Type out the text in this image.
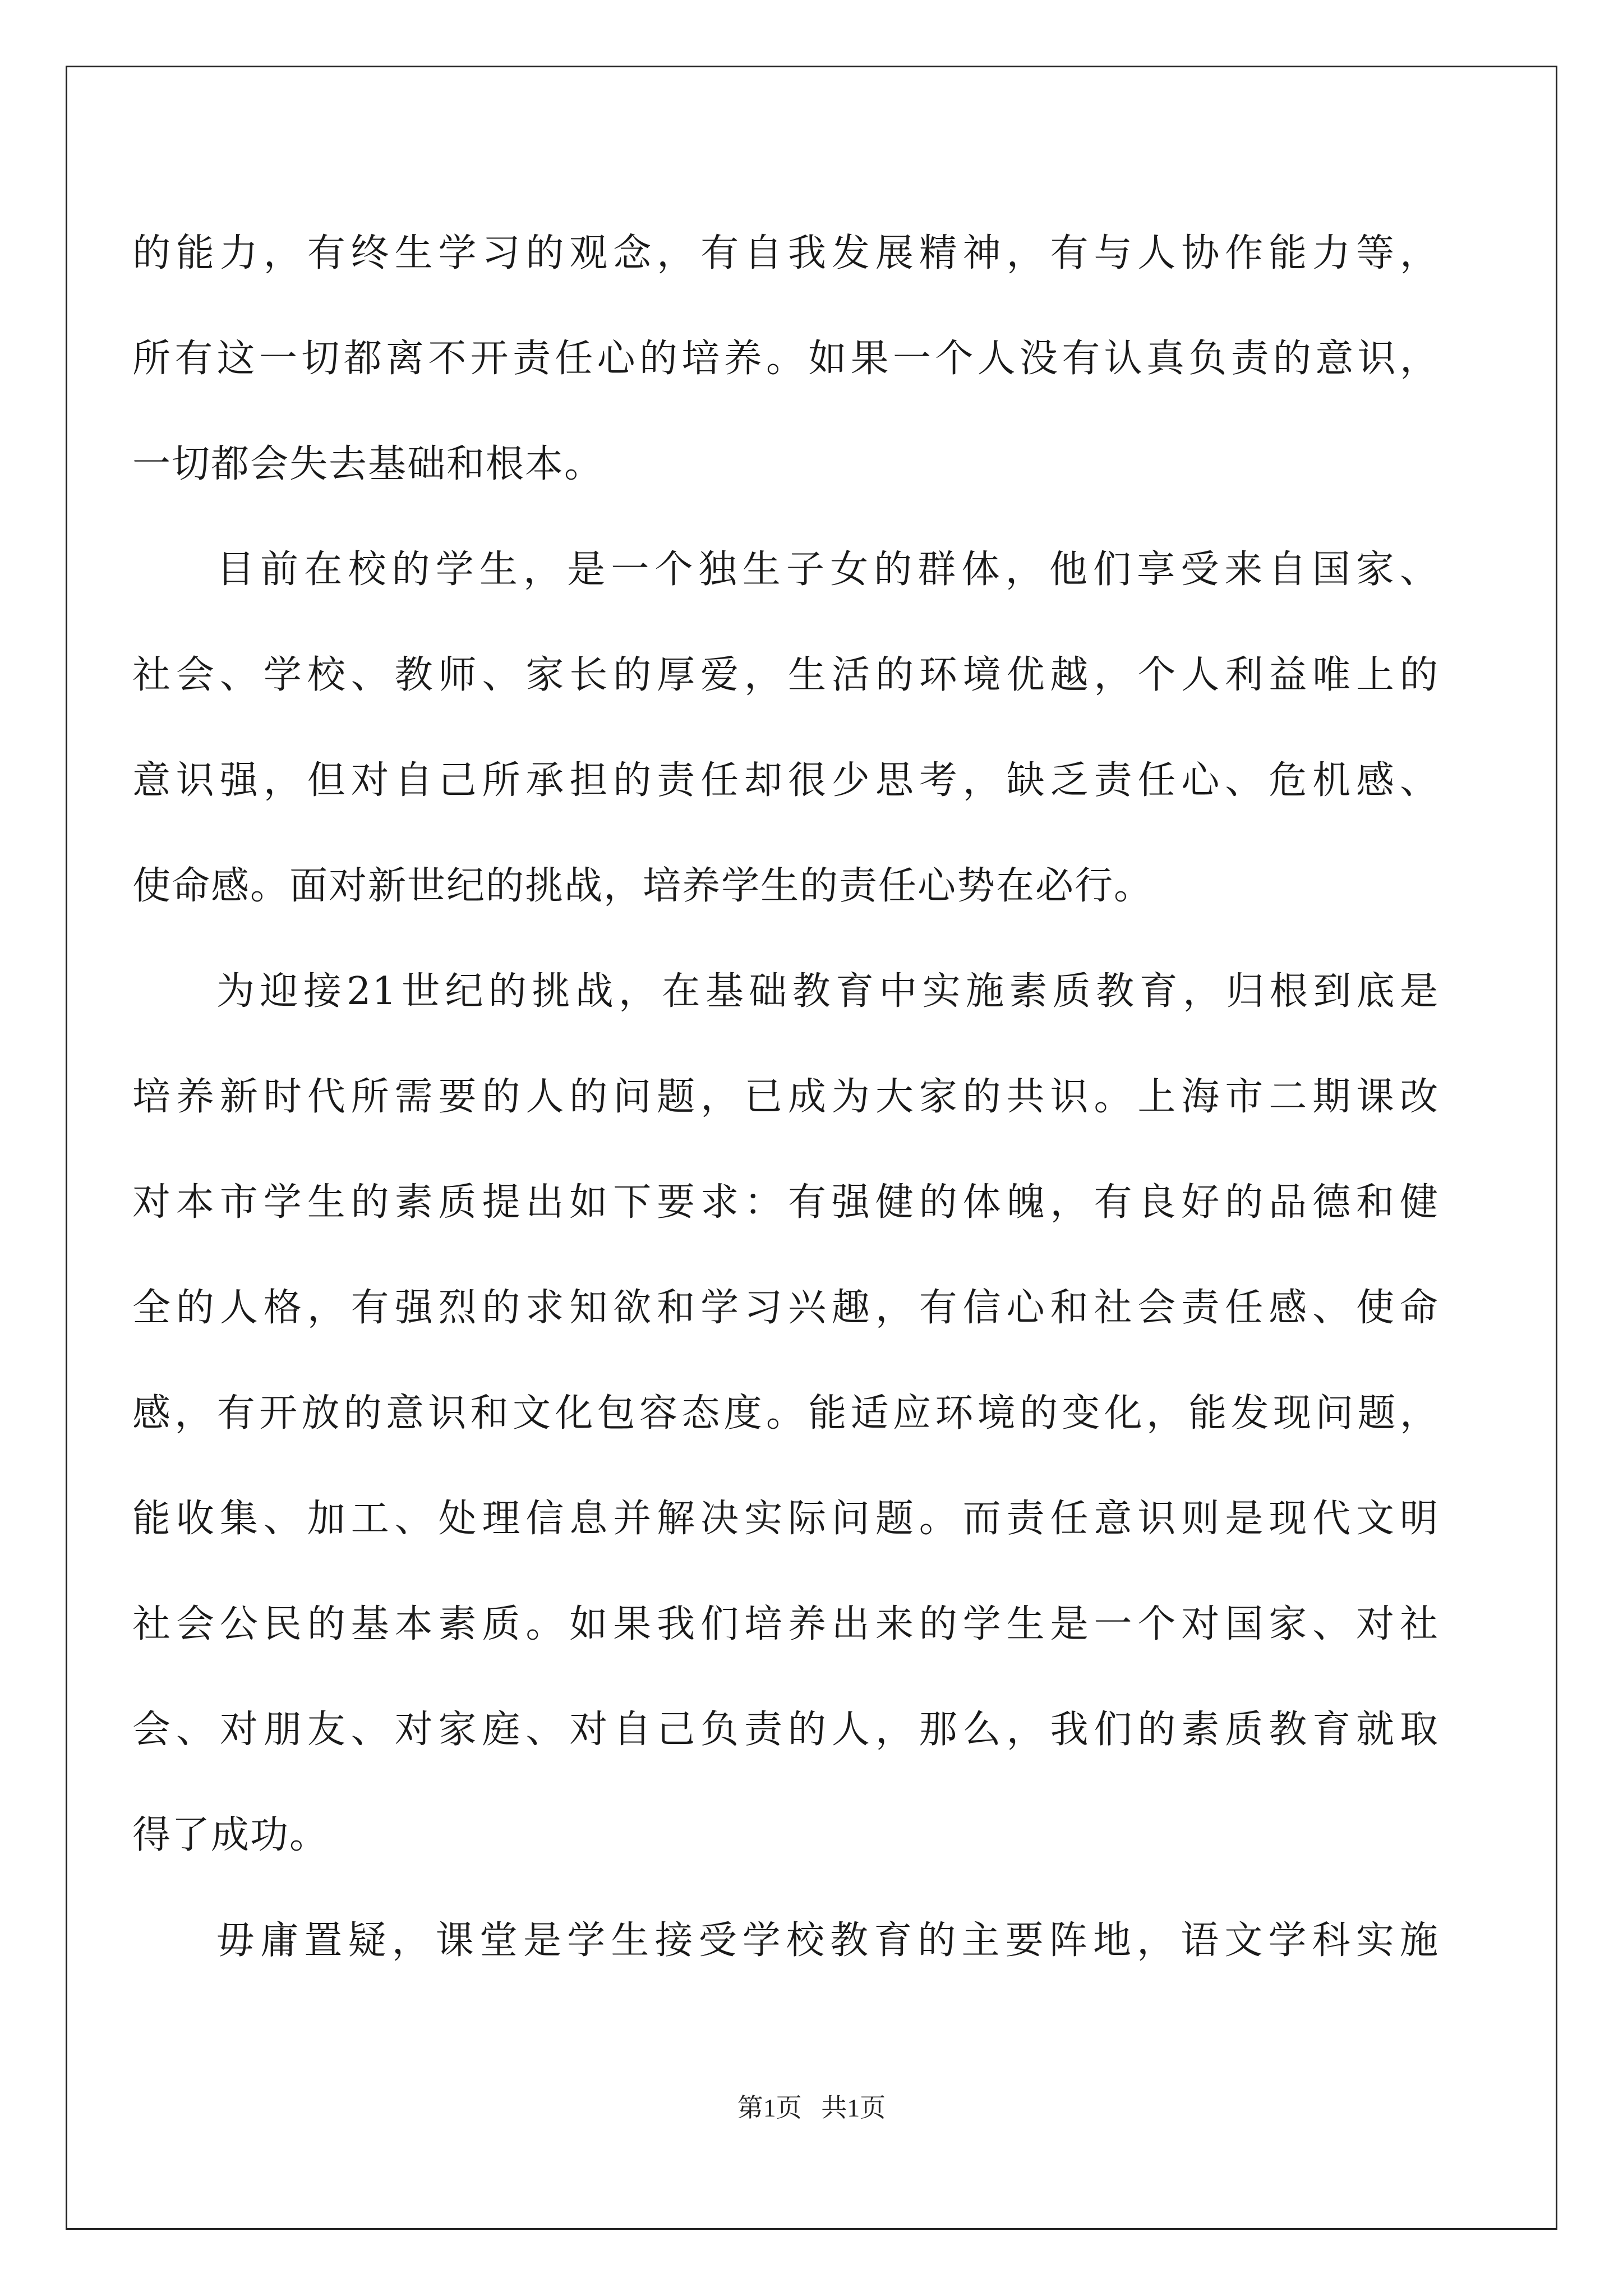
的能力，有终生学习的观念，有自我发展精神，有与人协作能力等，
所有这一切都离不开责任心的培养。如果一个人没有认真负责的意识，
一切都会失去基础和根本。
目前在校的学生，是一个独生子女的群体，他们享受来自国家、
社会、学校、教师、家长的厚爱，生活的环境优越，个人利益唯上的
意识强，但对自己所承担的责任却很少思考，缺乏责任心、危机感、
使命感。面对新世纪的挑战，培养学生的责任心势在必行。
为迎接21世纪的挑战，在基础教育中实施素质教育，归根到底是
培养新时代所需要的人的问题，已成为大家的共识。上海市二期课改
对本市学生的素质提出如下要求：有强健的体魄，有良好的品德和健
全的人格，有强烈的求知欲和学习兴趣，有信心和社会责任感、使命
感，有开放的意识和文化包容态度。能适应环境的变化，能发现问题，
能收集、加工、处理信息并解决实际问题。而责任意识则是现代文明
社会公民的基本素质。如果我们培养出来的学生是一个对国家、对社
会、对朋友、对家庭、对自己负责的人，那么，我们的素质教育就取
得了成功。
毋庸置疑，课堂是学生接受学校教育的主要阵地，语文学科实施
第1页 共1页
